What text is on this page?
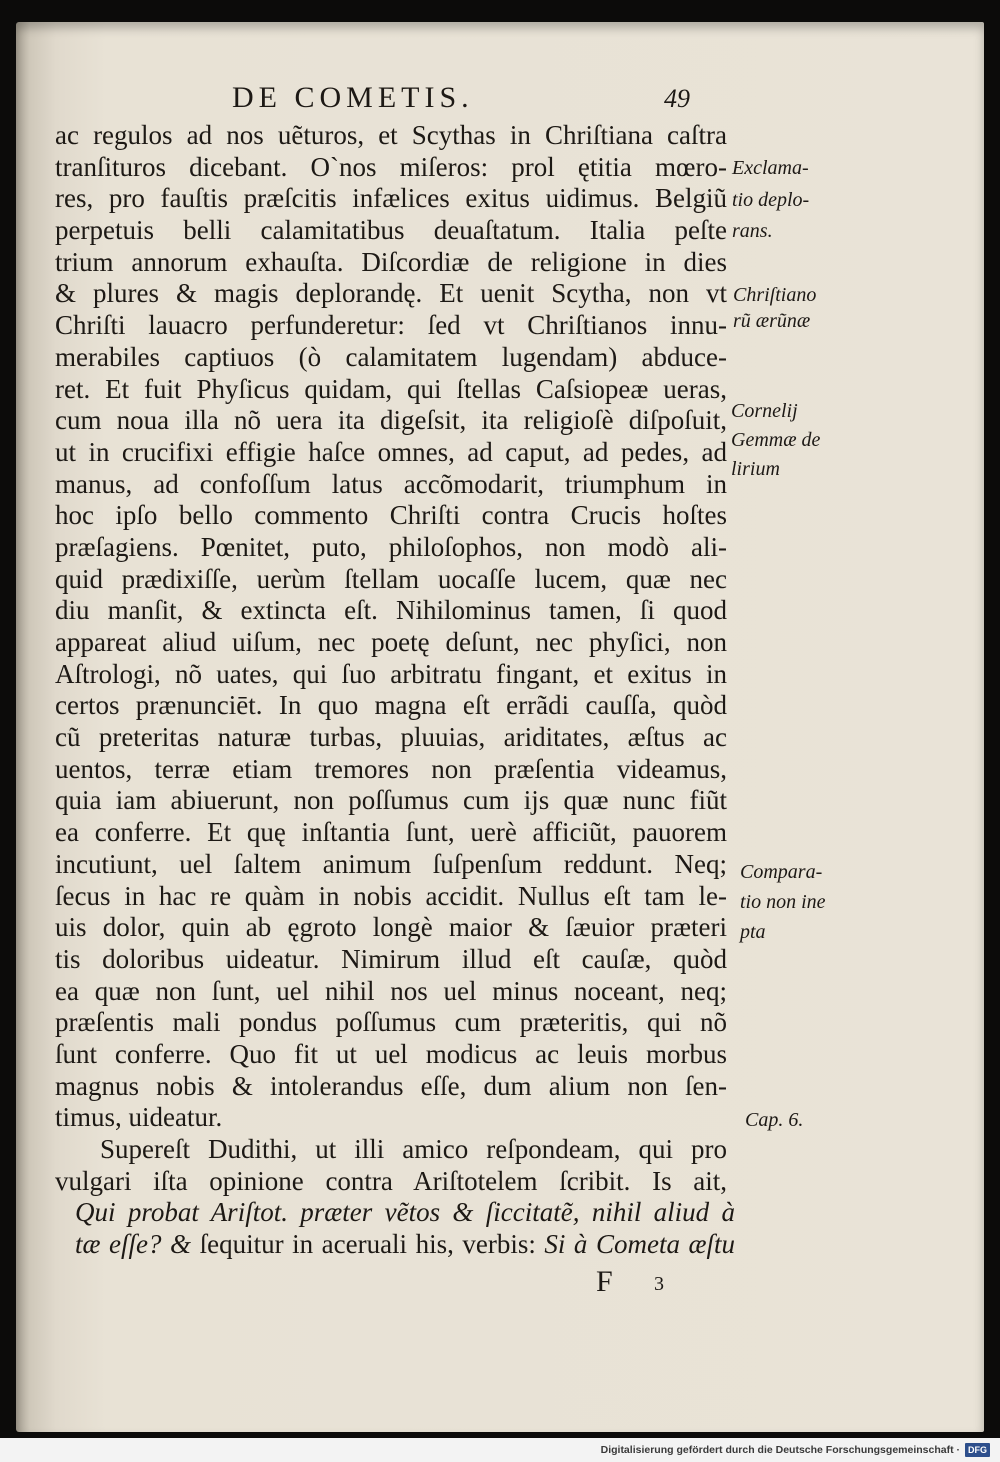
DE COMETIS.	49
ac regulos ad nos uẽturos, et Scythas in Chriſtiana caſtra
tranſituros dicebant. O`nos miſeros: prol ętitia mœro-
res, pro fauſtis præſcitis infælices exitus uidimus. Belgiũ
perpetuis belli calamitatibus deuaſtatum. Italia peſte
trium annorum exhauſta. Diſcordiæ de religione in dies
& plures & magis deplorandę. Et uenit Scytha, non vt
Chriſti lauacro perfunderetur: ſed vt Chriſtianos innu-
merabiles captiuos (ò calamitatem lugendam) abduce-
ret. Et fuit Phyſicus quidam, qui ſtellas Caſsiopeæ ueras,
cum noua illa nõ uera ita digeſsit, ita religioſè diſpoſuit,
ut in crucifixi effigie haſce omnes, ad caput, ad pedes, ad
manus, ad confoſſum latus accõmodarit, triumphum in
hoc ipſo bello commento Chriſti contra Crucis hoſtes
præſagiens. Pœnitet, puto, philoſophos, non modò ali-
quid prædixiſſe, uerùm ſtellam uocaſſe lucem, quæ nec
diu manſit, & extincta eſt. Nihilominus tamen, ſi quod
appareat aliud uiſum, nec poetę deſunt, nec phyſici, non
Aſtrologi, nõ uates, qui ſuo arbitratu fingant, et exitus in
certos prænunciēt. In quo magna eſt errãdi cauſſa, quòd
cũ preteritas naturæ turbas, pluuias, ariditates, æſtus ac
uentos, terræ etiam tremores non præſentia videamus,
quia iam abiuerunt, non poſſumus cum ijs quæ nunc fiũt
ea conferre. Et quę inſtantia ſunt, uerè afficiũt, pauorem
incutiunt, uel ſaltem animum ſuſpenſum reddunt. Neq;
ſecus in hac re quàm in nobis accidit. Nullus eſt tam le-
uis dolor, quin ab ęgroto longè maior & ſæuior præteri
tis doloribus uideatur. Nimirum illud eſt cauſæ, quòd
ea quæ non ſunt, uel nihil nos uel minus noceant, neq;
præſentis mali pondus poſſumus cum præteritis, qui nõ
ſunt conferre. Quo fit ut uel modicus ac leuis morbus
magnus nobis & intolerandus eſſe, dum alium non ſen-
timus, uideatur.
Supereſt Dudithi, ut illi amico reſpondeam, qui pro
vulgari iſta opinione contra Ariſtotelem ſcribit. Is ait,
Qui probat Ariſtot. præter vẽtos & ſiccitatẽ, nihil aliud à
tæ eſſe? & ſequitur in aceruali his, verbis: Si à Cometa æſtu
Exclama-
tio deplo-
rans.
Chriſtiano
rũ ærũnæ
Cornelij
Gemmæ de
lirium
Compara-
tio non ine
pta
Cap. 6.
F 3
Digitalisierung gefördert durch die Deutsche Forschungsgemeinschaft · DFG
